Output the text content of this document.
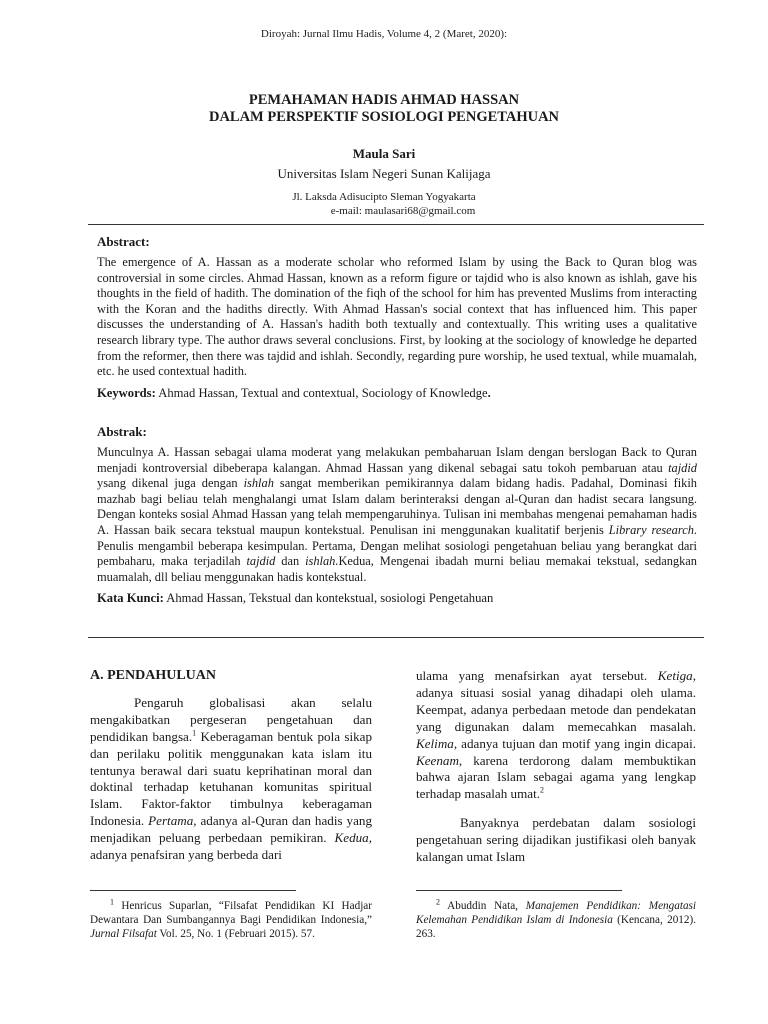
Diroyah: Jurnal Ilmu Hadis, Volume 4, 2 (Maret, 2020):
PEMAHAMAN HADIS AHMAD HASSAN
DALAM PERSPEKTIF SOSIOLOGI PENGETAHUAN
Maula Sari
Universitas Islam Negeri Sunan Kalijaga
Jl. Laksda Adisucipto Sleman Yogyakarta
e-mail: maulasari68@gmail.com
Abstract:
The emergence of A. Hassan as a moderate scholar who reformed Islam by using the Back to Quran blog was controversial in some circles. Ahmad Hassan, known as a reform figure or tajdid who is also known as ishlah, gave his thoughts in the field of hadith. The domination of the fiqh of the school for him has prevented Muslims from interacting with the Koran and the hadiths directly. With Ahmad Hassan's social context that has influenced him. This paper discusses the understanding of A. Hassan's hadith both textually and contextually. This writing uses a qualitative research library type. The author draws several conclusions. First, by looking at the sociology of knowledge he departed from the reformer, then there was tajdid and ishlah. Secondly, regarding pure worship, he used textual, while muamalah, etc. he used contextual hadith.
Keywords: Ahmad Hassan, Textual and contextual, Sociology of Knowledge.
Abstrak:
Munculnya A. Hassan sebagai ulama moderat yang melakukan pembaharuan Islam dengan berslogan Back to Quran menjadi kontroversial dibeberapa kalangan. Ahmad Hassan yang dikenal sebagai satu tokoh pembaruan atau tajdid ysang dikenal juga dengan ishlah sangat memberikan pemikirannya dalam bidang hadis. Padahal, Dominasi fikih mazhab bagi beliau telah menghalangi umat Islam dalam berinteraksi dengan al-Quran dan hadist secara langsung. Dengan konteks sosial Ahmad Hassan yang telah mempengaruhinya. Tulisan ini membahas mengenai pemahaman hadis A. Hassan baik secara tekstual maupun kontekstual. Penulisan ini menggunakan kualitatif berjenis Library research. Penulis mengambil beberapa kesimpulan. Pertama, Dengan melihat sosiologi pengetahuan beliau yang berangkat dari pembaharu, maka terjadilah tajdid dan ishlah.Kedua, Mengenai ibadah murni beliau memakai tekstual, sedangkan muamalah, dll beliau menggunakan hadis kontekstual.
Kata Kunci: Ahmad Hassan, Tekstual dan kontekstual, sosiologi Pengetahuan
A. PENDAHULUAN

Pengaruh globalisasi akan selalu mengakibatkan pergeseran pengetahuan dan pendidikan bangsa.$^1$ Keberagaman bentuk pola sikap dan perilaku politik menggunakan kata islam itu tentunya berawal dari suatu keprihatinan moral dan doktinal terhadap ketuhanan komunitas spiritual Islam. Faktor-faktor timbulnya keberagaman Indonesia. Pertama, adanya al-Quran dan hadis yang menjadikan peluang perbedaan pemikiran. Kedua, adanya penafsiran yang berbeda dari

ulama yang menafsirkan ayat tersebut. Ketiga, adanya situasi sosial yanag dihadapi oleh ulama. Keempat, adanya perbedaan metode dan pendekatan yang digunakan dalam memecahkan masalah. Kelima, adanya tujuan dan motif yang ingin dicapai. Keenam, karena terdorong dalam membuktikan bahwa ajaran Islam sebagai agama yang lengkap terhadap masalah umat.$^2$

Banyaknya perdebatan dalam sosiologi pengetahuan sering dijadikan justifikasi oleh banyak kalangan umat Islam

$^1$ Henricus Suparlan, “Filsafat Pendidikan KI Hadjar Dewantara Dan Sumbangannya Bagi Pendidikan Indonesia,” Jurnal Filsafat Vol. 25, No. 1 (Februari 2015). 57.
$^2$ Abuddin Nata, Manajemen Pendidikan: Mengatasi Kelemahan Pendidikan Islam di Indonesia (Kencana, 2012). 263.
